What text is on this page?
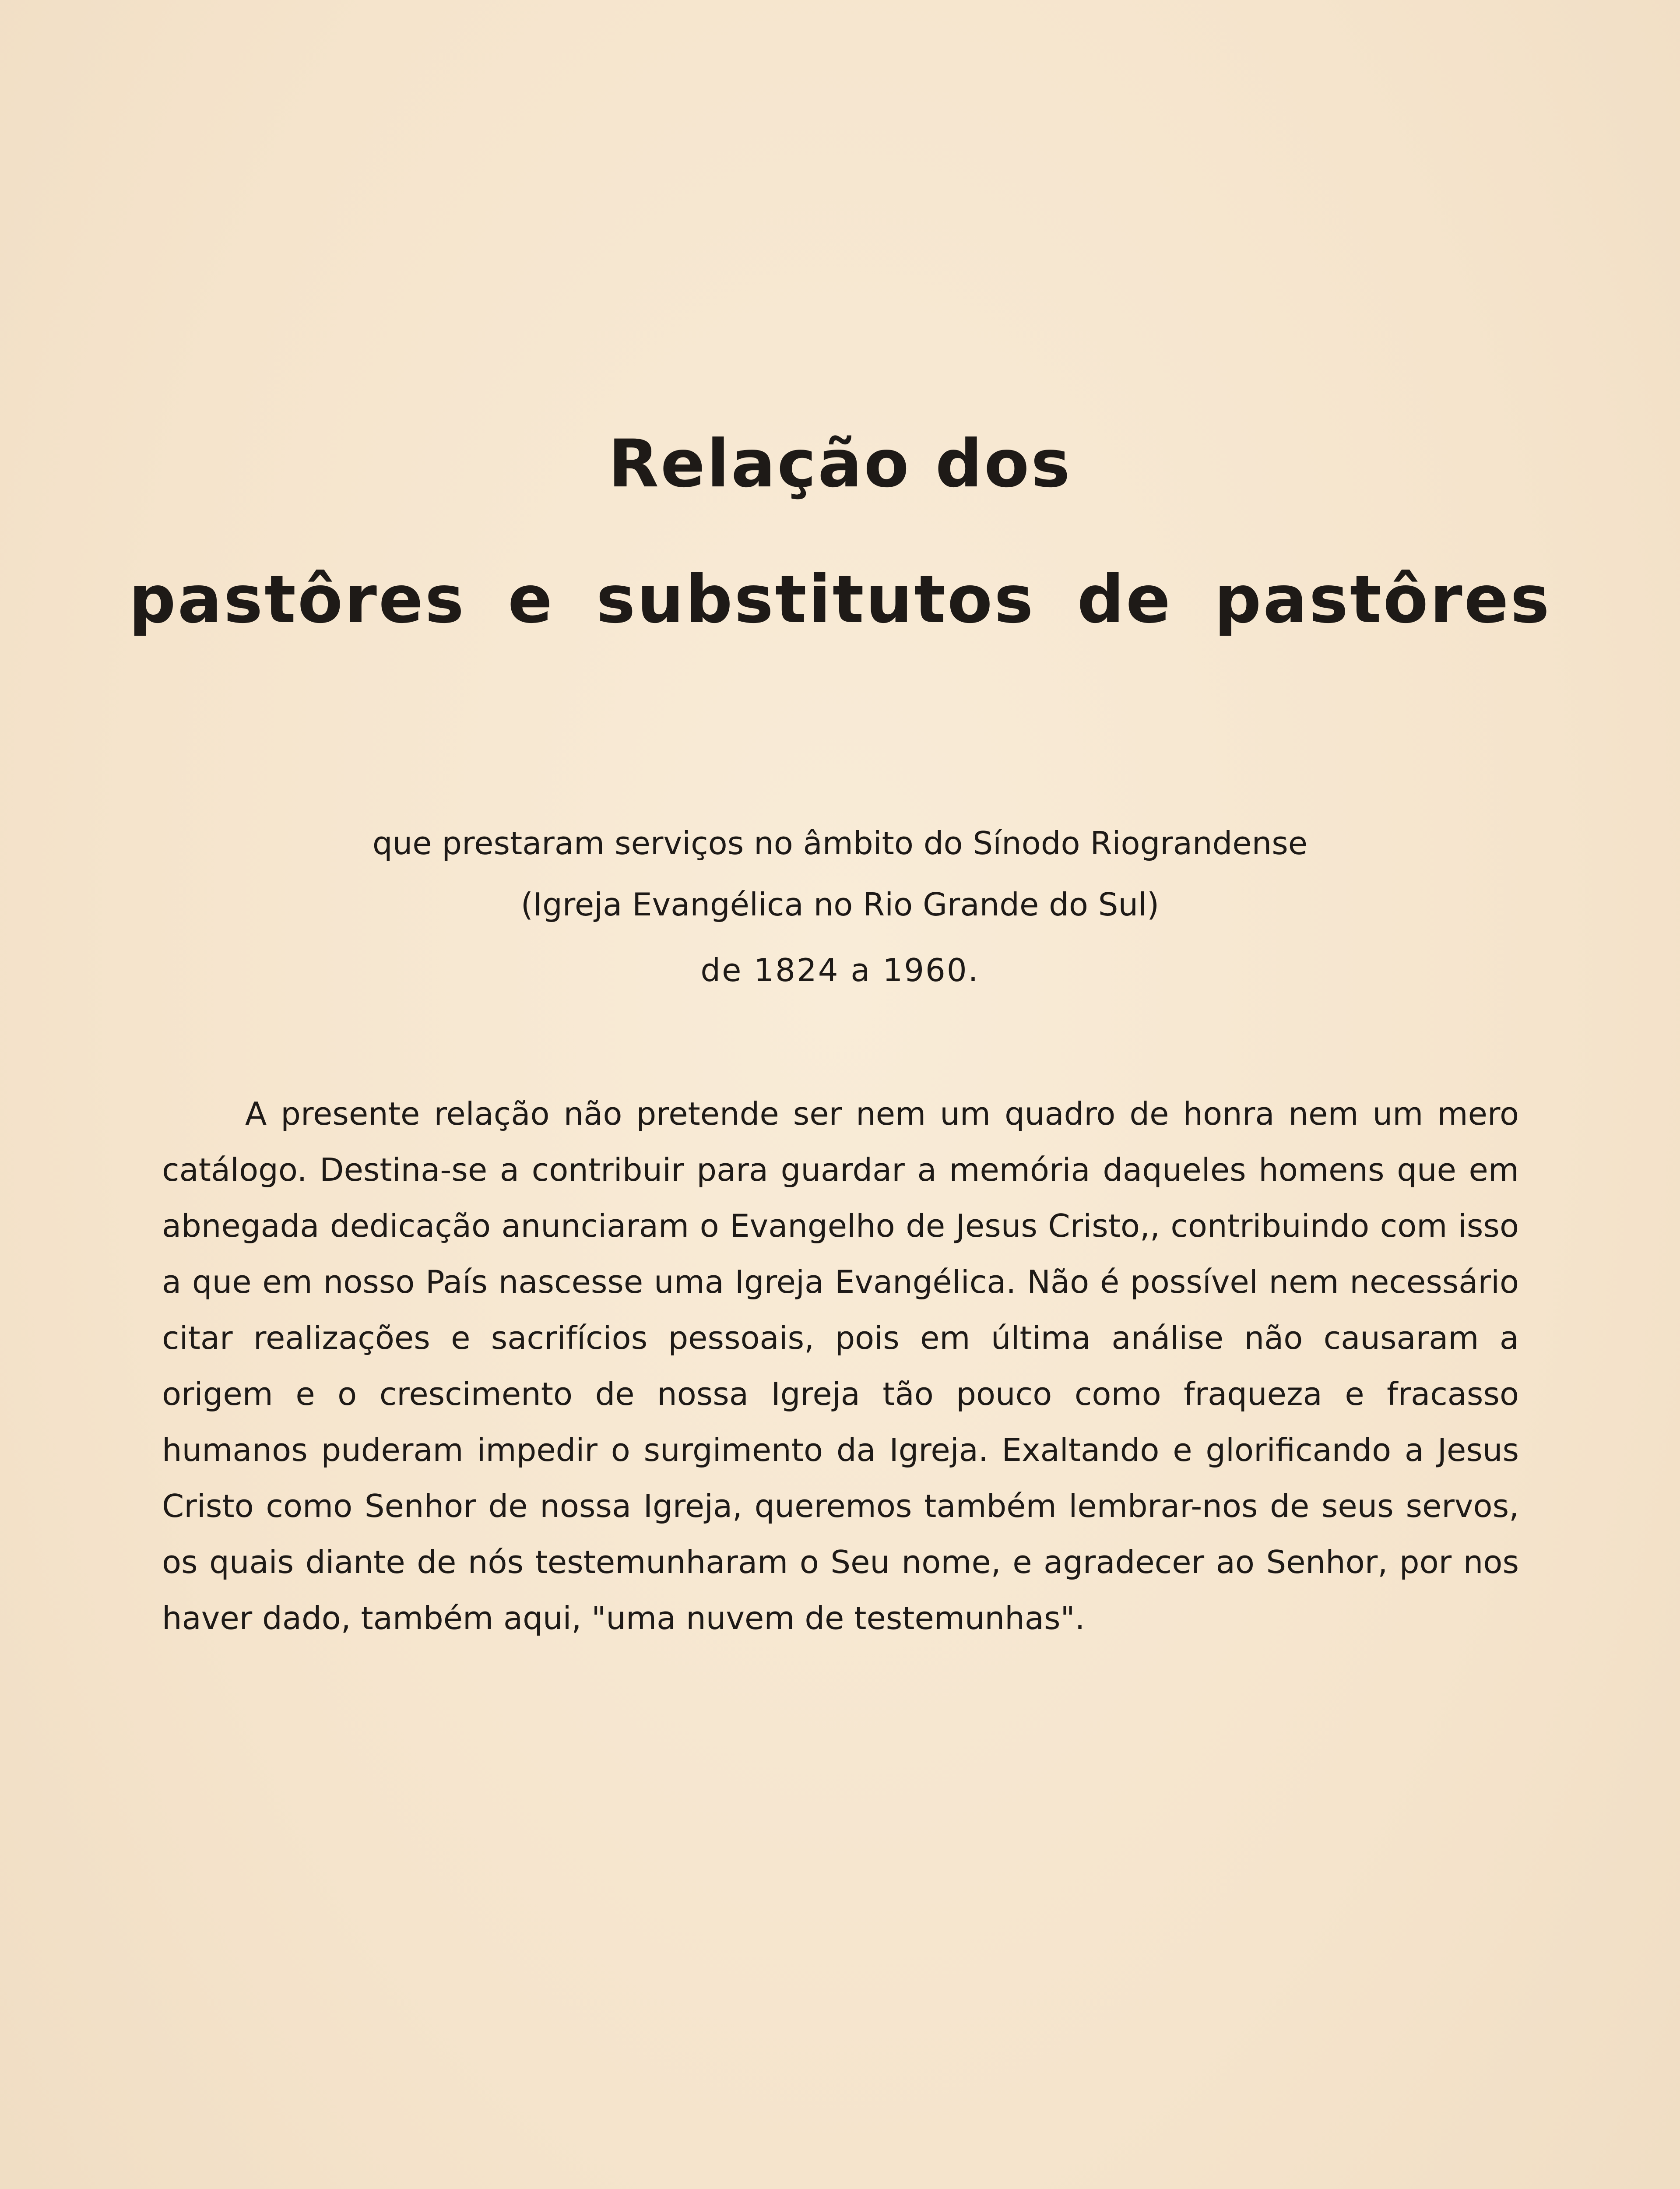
Relação dos
pastôres e substitutos de pastôres

que prestaram serviços no âmbito do Sínodo Riograndense

(Igreja Evangélica no Rio Grande do Sul)

de 1824 a 1960.

A presente relação não pretende ser nem um quadro de honra nem um mero catálogo. Destina-se a contribuir para guardar a memória daqueles homens que em abnegada dedicação anunciaram o Evangelho de Jesus Cristo,, contribuindo com isso a que em nosso País nascesse uma Igreja Evangélica. Não é possível nem necessário citar realizações e sacrifícios pessoais, pois em última análise não causaram a origem e o crescimento de nossa Igreja tão pouco como fraqueza e fracasso humanos puderam impedir o surgimento da Igreja. Exaltando e glorificando a Jesus Cristo como Senhor de nossa Igreja, queremos também lembrar-nos de seus servos, os quais diante de nós testemunharam o Seu nome, e agradecer ao Senhor, por nos haver dado, também aqui, "uma nuvem de testemunhas".
